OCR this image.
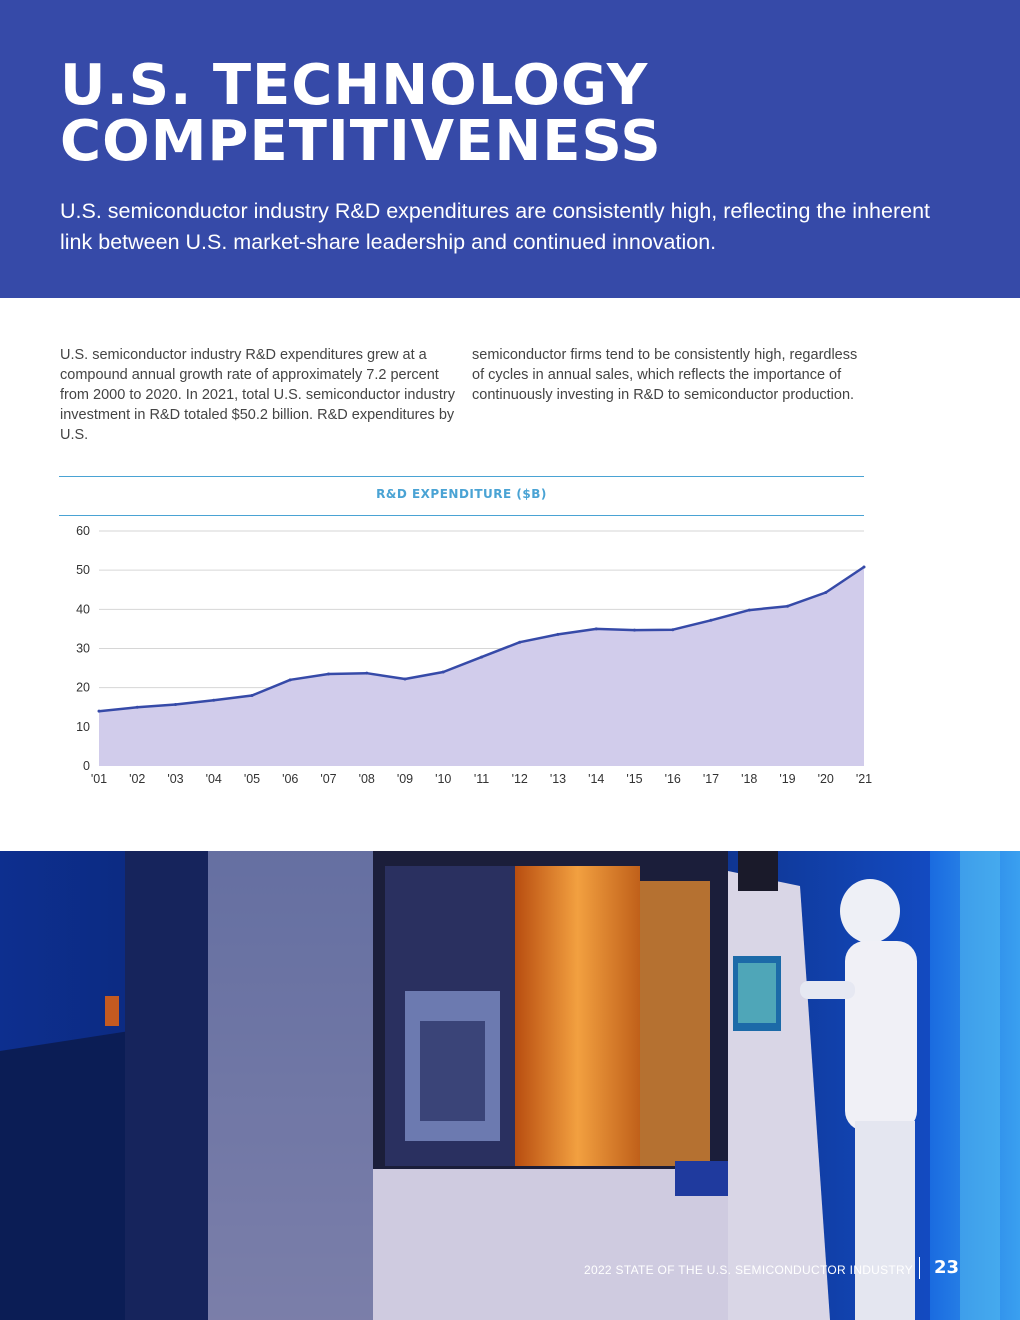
U.S. TECHNOLOGY
COMPETITIVENESS

U.S. semiconductor industry R&D expenditures are consistently high, reflecting the inherent link between U.S. market-share leadership and continued innovation.

U.S. semiconductor industry R&D expenditures grew at a compound annual growth rate of approximately 7.2 percent from 2000 to 2020. In 2021, total U.S. semiconductor industry investment in R&D totaled $50.2 billion. R&D expenditures by U.S.

semiconductor firms tend to be consistently high, regardless of cycles in annual sales, which reflects the importance of continuously investing in R&D to semiconductor production.

R&D EXPENDITURE ($B)
0
10
20
30
40
50
60
'01 '02 '03 '04 '05 '06 '07 '08 '09 '10 '11 '12 '13 '14 '15 '16 '17 '18 '19 '20 '21
2022 STATE OF THE U.S. SEMICONDUCTOR INDUSTRY 23
